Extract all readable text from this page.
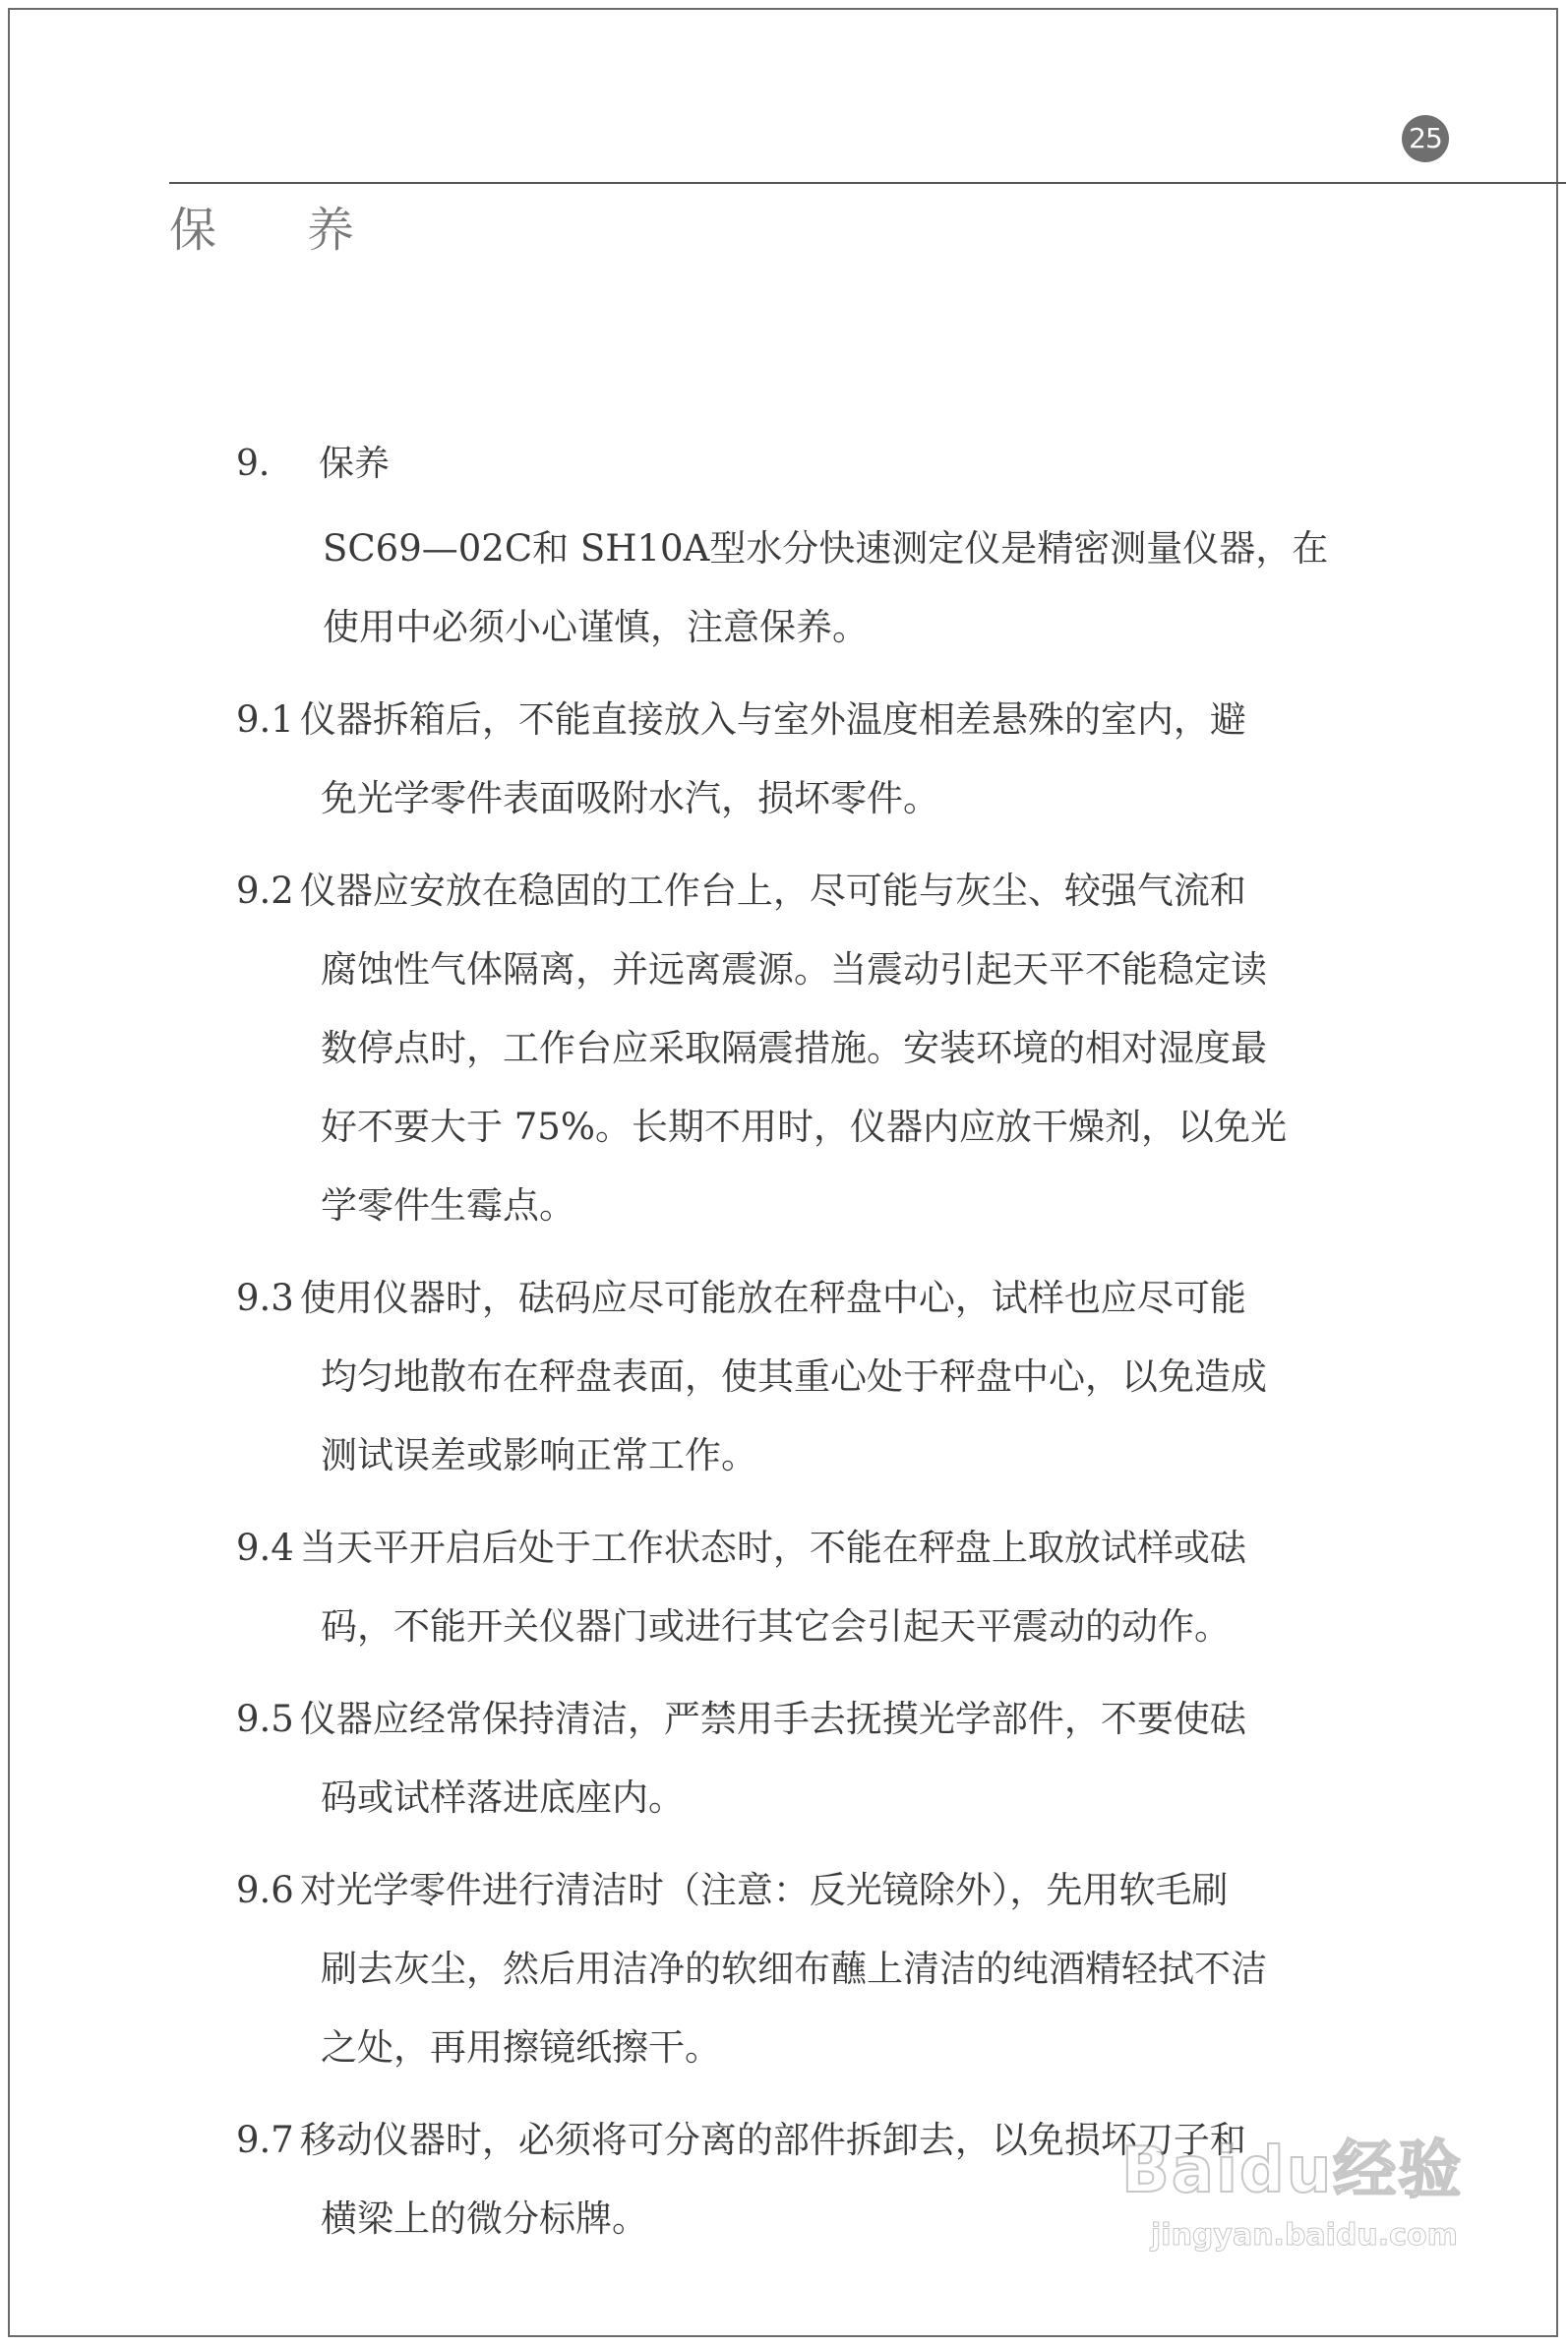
25
保养
9. 保养
SC69—02C和 SH10A型水分快速测定仪是精密测量仪器，在
使用中必须小心谨慎，注意保养。
9.1 仪器拆箱后，不能直接放入与室外温度相差悬殊的室内，避
免光学零件表面吸附水汽，损坏零件。
9.2 仪器应安放在稳固的工作台上，尽可能与灰尘、较强气流和
腐蚀性气体隔离，并远离震源。当震动引起天平不能稳定读
数停点时，工作台应采取隔震措施。安装环境的相对湿度最
好不要大于 75%。长期不用时，仪器内应放干燥剂，以免光
学零件生霉点。
9.3 使用仪器时，砝码应尽可能放在秤盘中心，试样也应尽可能
均匀地散布在秤盘表面，使其重心处于秤盘中心，以免造成
测试误差或影响正常工作。
9.4 当天平开启后处于工作状态时，不能在秤盘上取放试样或砝
码，不能开关仪器门或进行其它会引起天平震动的动作。
9.5 仪器应经常保持清洁，严禁用手去抚摸光学部件，不要使砝
码或试样落进底座内。
9.6 对光学零件进行清洁时（注意：反光镜除外），先用软毛刷
刷去灰尘，然后用洁净的软细布蘸上清洁的纯酒精轻拭不洁
之处，再用擦镜纸擦干。
9.7 移动仪器时，必须将可分离的部件拆卸去，以免损坏刀子和
横梁上的微分标牌。
Baidu经验
jingyan.baidu.com
